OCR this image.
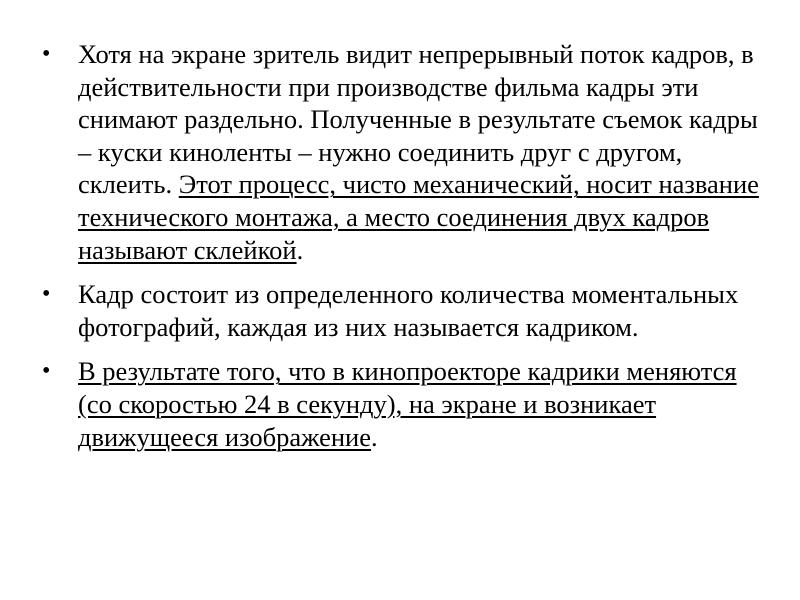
• Хотя на экране зритель видит непрерывный поток кадров, в действительности при производстве фильма кадры эти снимают раздельно. Полученные в результате съемок кадры – куски киноленты – нужно соединить друг с другом, склеить. Этот процесс, чисто механический, носит название технического монтажа, а место соединения двух кадров называют склейкой.
• Кадр состоит из определенного количества моментальных фотографий, каждая из них называется кадриком.
• В результате того, что в кинопроекторе кадрики меняются (со скоростью 24 в секунду), на экране и возникает движущееся изображение.
